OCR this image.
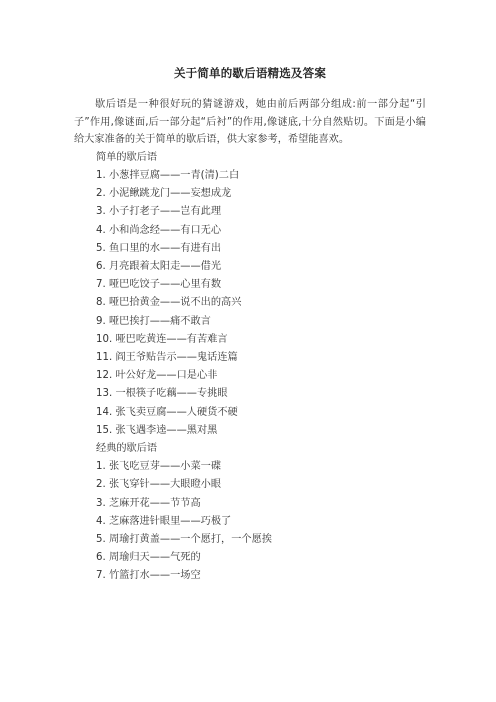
关于简单的歇后语精选及答案

歇后语是一种很好玩的猜谜游戏，她由前后两部分组成:前一部分起“引子”作用,像谜面,后一部分起“后衬”的作用,像谜底,十分自然贴切。下面是小编给大家准备的关于简单的歇后语，供大家参考，希望能喜欢。

简单的歇后语

1. 小葱拌豆腐——一青(清)二白
2. 小泥鳅跳龙门——妄想成龙
3. 小子打老子——岂有此理
4. 小和尚念经——有口无心
5. 鱼口里的水——有进有出
6. 月亮跟着太阳走——借光
7. 哑巴吃饺子——心里有数
8. 哑巴拾黄金——说不出的高兴
9. 哑巴挨打——痛不敢言
10. 哑巴吃黄连——有苦难言
11. 阎王爷贴告示——鬼话连篇
12. 叶公好龙——口是心非
13. 一根筷子吃藕——专挑眼
14. 张飞卖豆腐——人硬货不硬
15. 张飞遇李逵——黑对黑

经典的歇后语

1. 张飞吃豆芽——小菜一碟
2. 张飞穿针——大眼瞪小眼
3. 芝麻开花——节节高
4. 芝麻落进针眼里——巧极了
5. 周瑜打黄盖——一个愿打，一个愿挨
6. 周瑜归天——气死的
7. 竹篮打水——一场空
